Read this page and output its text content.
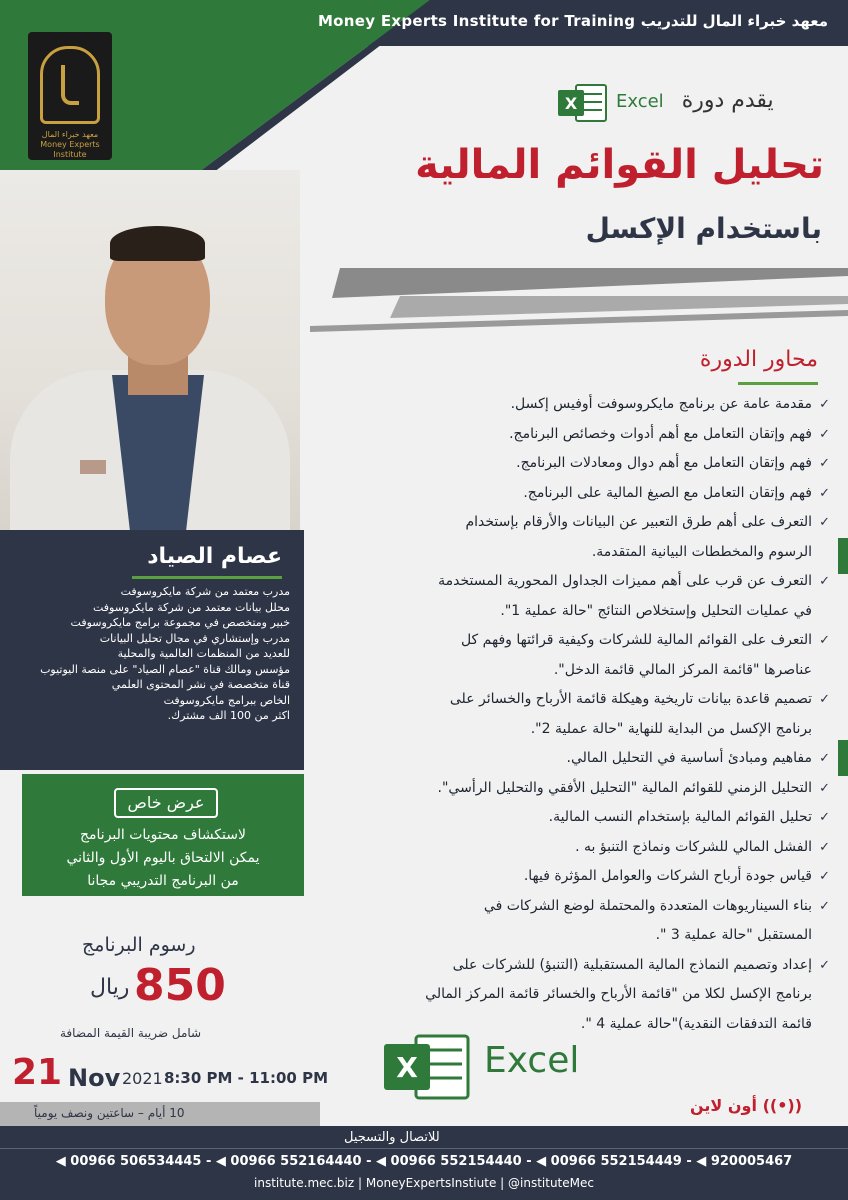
Money Experts Institute for Training معهد خبراء المال للتدريب
معهد خبراء المال
Money Experts Institute
عصام الصياد
مدرب معتمد من شركة مايكروسوفت
محلل بيانات معتمد من شركة مايكروسوفت
خبير ومتخصص في مجموعة برامج مايكروسوفت
مدرب وإستشاري في مجال تحليل البيانات
للعديد من المنظمات العالمية والمحلية
مؤسس ومالك قناة "عصام الصياد" على منصة اليوتيوب
قناة متخصصة في نشر المحتوى العلمي
الخاص ببرامج مايكروسوفت
اكثر من 100 الف مشترك.
عرض خاص
لاستكشاف محتويات البرنامج
يمكن الالتحاق باليوم الأول والثاني
من البرنامج التدريبي مجانا
رسوم البرنامج
850
ريال
شامل ضريبة القيمة المضافة
21 Nov 2021 8:30 PM - 11:00 PM
10 أيام – ساعتين ونصف يومياً
X Excel يقدم دورة
تحليل القوائم المالية
باستخدام الإكسل
محاور الدورة
✓
مقدمة عامة عن برنامج مايكروسوفت أوفيس إكسل.
✓
فهم وإتقان التعامل مع أهم أدوات وخصائص البرنامج.
✓
فهم وإتقان التعامل مع أهم دوال ومعادلات البرنامج.
✓
فهم وإتقان التعامل مع الصيغ المالية على البرنامج.
✓
التعرف على أهم طرق التعبير عن البيانات والأرقام بإستخدام
الرسوم والمخططات البيانية المتقدمة.
✓
التعرف عن قرب على أهم مميزات الجداول المحورية المستخدمة
في عمليات التحليل وإستخلاص النتائج "حالة عملية 1".
✓
التعرف على القوائم المالية للشركات وكيفية قرائتها وفهم كل
عناصرها "قائمة المركز المالي قائمة الدخل".
✓
تصميم قاعدة بيانات تاريخية وهيكلة قائمة الأرباح والخسائر على
برنامج الإكسل من البداية للنهاية "حالة عملية 2".
✓
مفاهيم ومبادئ أساسية في التحليل المالي.
✓
التحليل الزمني للقوائم المالية "التحليل الأفقي والتحليل الرأسي".
✓
تحليل القوائم المالية بإستخدام النسب المالية.
✓
الفشل المالي للشركات ونماذج التنبؤ به .
✓
قياس جودة أرباح الشركات والعوامل المؤثرة فيها.
✓
بناء السيناريوهات المتعددة والمحتملة لوضع الشركات في
المستقبل "حالة عملية 3 ".
✓
إعداد وتصميم النماذج المالية المستقبلية (التنبؤ) للشركات على
برنامج الإكسل لكلا من "قائمة الأرباح والخسائر قائمة المركز المالي
قائمة التدفقات النقدية)"حالة عملية 4 ".
X Excel
((•)) أون لاين
للاتصال والتسجيل
◀ 00966 506534445 - ◀ 00966 552164440 - ◀ 00966 552154440 - ◀ 00966 552154449 - ◀ 920005467
institute.mec.biz | MoneyExpertsInstiute | @instituteMec
